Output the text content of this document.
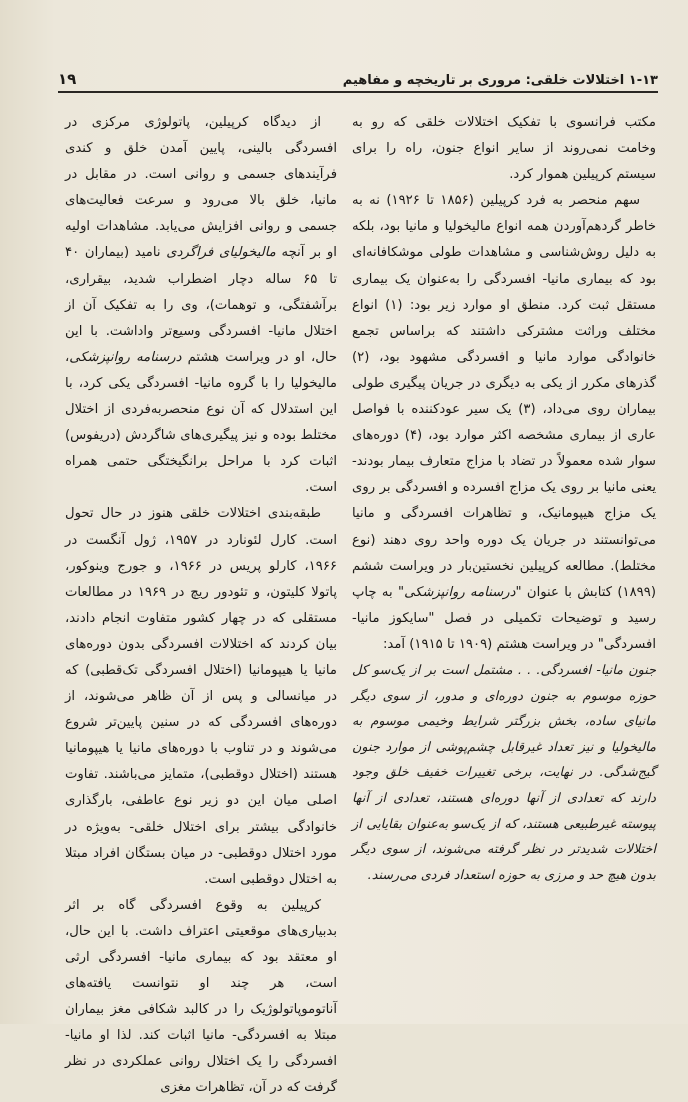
۱۹	۱-۱۳ اختلالات خلقی: مروری بر تاریخچه و مفاهیم

مکتب فرانسوی با تفکیک اختلالات خلقی که رو به وخامت نمی‌روند از سایر انواع جنون، راه را برای سیستم کرپیلین هموار کرد.

سهم منحصر به فرد کرپیلین (۱۸۵۶ تا ۱۹۲۶) نه به خاطر گردهم‌آوردن همه انواع مالیخولیا و مانیا بود، بلکه به دلیل روش‌شناسی و مشاهدات طولی موشکافانه‌ای بود که بیماری مانیا- افسردگی را به‌عنوان یک بیماری مستقل ثبت کرد. منطق او موارد زیر بود: (۱) انواع مختلف وراثت مشترکی داشتند که براساس تجمع خانوادگی موارد مانیا و افسردگی مشهود بود، (۲) گذرهای مکرر از یکی به دیگری در جریان پیگیری طولی بیماران روی می‌داد، (۳) یک سیر عودکننده با فواصل عاری از بیماری مشخصه اکثر موارد بود، (۴) دوره‌های سوار شده معمولاً در تضاد با مزاج متعارف بیمار بودند- یعنی مانیا بر روی یک مزاج افسرده و افسردگی بر روی یک مزاج هیپومانیک، و تظاهرات افسردگی و مانیا می‌توانستند در جریان یک دوره واحد روی دهند (نوع مختلط). مطالعه کرپیلین نخستین‌بار در ویراست ششم (۱۸۹۹) کتابش با عنوان "درسنامه روانپزشکی" به چاپ رسید و توضیحات تکمیلی در فصل "سایکوز مانیا- افسردگی" در ویراست هشتم (۱۹۰۹ تا ۱۹۱۵) آمد:

جنون مانیا- افسردگی. . . مشتمل است بر از یک‌سو کل حوزه موسوم به جنون دوره‌ای و مدور، از سوی دیگر مانیای ساده، بخش بزرگتر شرایط وخیمی موسوم به مالیخولیا و نیز تعداد غیرقابل چشم‌پوشی از موارد جنون گیج‌شدگی. در نهایت، برخی تغییرات خفیف خلق وجود دارند که تعدادی از آنها دوره‌ای هستند، تعدادی از آنها پیوسته غیرطبیعی هستند، که از یک‌سو به‌عنوان بقایایی از اختلالات شدیدتر در نظر گرفته می‌شوند، از سوی دیگر بدون هیچ حد و مرزی به حوزه استعداد فردی می‌رسند.

از دیدگاه کرپیلین، پاتولوژی مرکزی در افسردگی بالینی، پایین آمدن خلق و کندی فرآیندهای جسمی و روانی است. در مقابل در مانیا، خلق بالا می‌رود و سرعت فعالیت‌های جسمی و روانی افزایش می‌یابد. مشاهدات اولیه او بر آنچه مالیخولیای فراگردی نامید (بیماران ۴۰ تا ۶۵ ساله دچار اضطراب شدید، بیقراری، برآشفتگی، و توهمات)، وی را به تفکیک آن از اختلال مانیا- افسردگی وسیع‌تر واداشت. با این حال، او در ویراست هشتم درسنامه روانپزشکی، مالیخولیا را با گروه مانیا- افسردگی یکی کرد، با این استدلال که آن نوع منحصربه‌فردی از اختلال مختلط بوده و نیز پیگیری‌های شاگردش (دریفوس) اثبات کرد با مراحل برانگیختگی حتمی همراه است.

طبقه‌بندی اختلالات خلقی هنوز در حال تحول است. کارل لئونارد در ۱۹۵۷، ژول آنگست در ۱۹۶۶، کارلو پریس در ۱۹۶۶، و جورج وینوکور، پاتولا کلیتون، و تئودور ریچ در ۱۹۶۹ در مطالعات مستقلی که در چهار کشور متفاوت انجام دادند، بیان کردند که اختلالات افسردگی بدون دوره‌های مانیا یا هیپومانیا (اختلال افسردگی تک‌قطبی) که در میانسالی و پس از آن ظاهر می‌شوند، از دوره‌های افسردگی که در سنین پایین‌تر شروع می‌شوند و در تناوب با دوره‌های مانیا یا هیپومانیا هستند (اختلال دوقطبی)، متمایز می‌باشند. تفاوت اصلی میان این دو زیر نوع عاطفی، بارگذاری خانوادگی بیشتر برای اختلال خلقی- به‌ویژه در مورد اختلال دوقطبی- در میان بستگان افراد مبتلا به اختلال دوقطبی است.

کرپیلین به وقوع افسردگی گاه بر اثر بدبیاری‌های موقعیتی اعتراف داشت. با این حال، او معتقد بود که بیماری مانیا- افسردگی ارثی است، هر چند او نتوانست یافته‌های آناتوموپاتولوژیک را در کالبد شکافی مغز بیماران مبتلا به افسردگی- مانیا اثبات کند. لذا او مانیا- افسردگی را یک اختلال روانی عملکردی در نظر گرفت که در آن، تظاهرات مغزی
